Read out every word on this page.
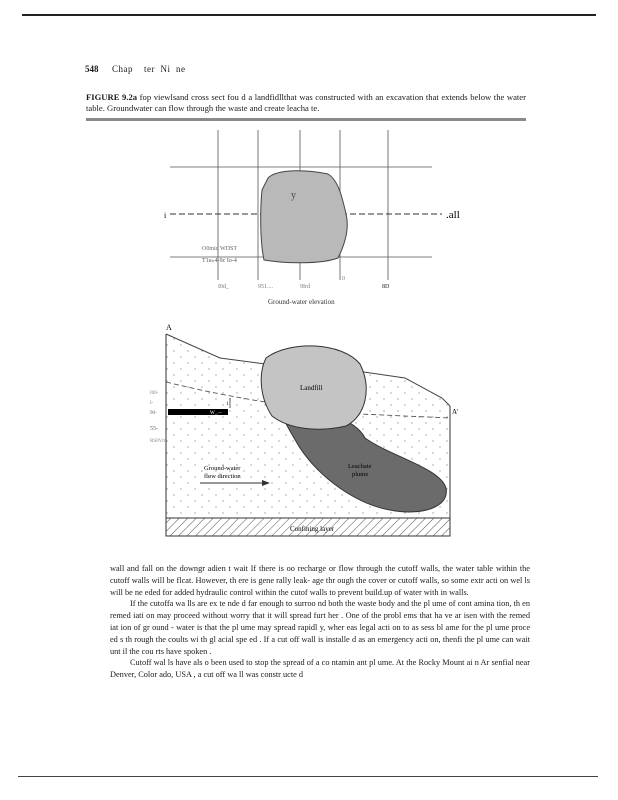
548 Chap    ter  Ni  ne
FIGURE 9.2a fop viewlsand cross sect fou d a landfidllthat was constructed with an excavation that extends below the water table. Groundwater can flow through the waste and create leacha te.
y
i	.all
O0mid WDST
T1u«4-9c Io-4
I0d_	951....	9Ird
0
8D
Ground-water elevation
W_.--
1
A
A'
Landfill
Leachate
plume
Ground-water
flow direction
Confining layer
I00-
I-
90-
55-
RS0Vm

wall and fall on the downgr adien t wait If there is oo recharge or flow through the cutoff walls, the water table within the cutoff walls will be flcat. However, th ere is gene rally leak- age thr ough the cover or cutoff walls, so some extr acti on wel ls will be ne eded for added hydraulic control within the cutof walls to prevent build.up of water with in walls.

If the cutoffa wa lls are ex te nde d far enough to surroo nd both the waste body and the pl ume of cont amina tion, th en remed iati on may proceed without worry that it will spread furt her . One of the probl ems that ha ve ar isen with the remed iat ion of gr ound - water is that the pl ume may spread rapidl y, wher eas legal acti on to as sess bl ame for the pl ume proce ed s th rough the coults wi th gl acial spe ed . If a cut off wall is installe d as an emergency acti on, thenfi the pl ume can wait unt il the cou rts have spoken .

Cutoff wal ls have als o been used to stop the spread of a co ntamin ant pl ume. At the Rocky Mount ai n Ar senfial near Denver, Color ado, USA , a cut off wa ll was constr ucte d
